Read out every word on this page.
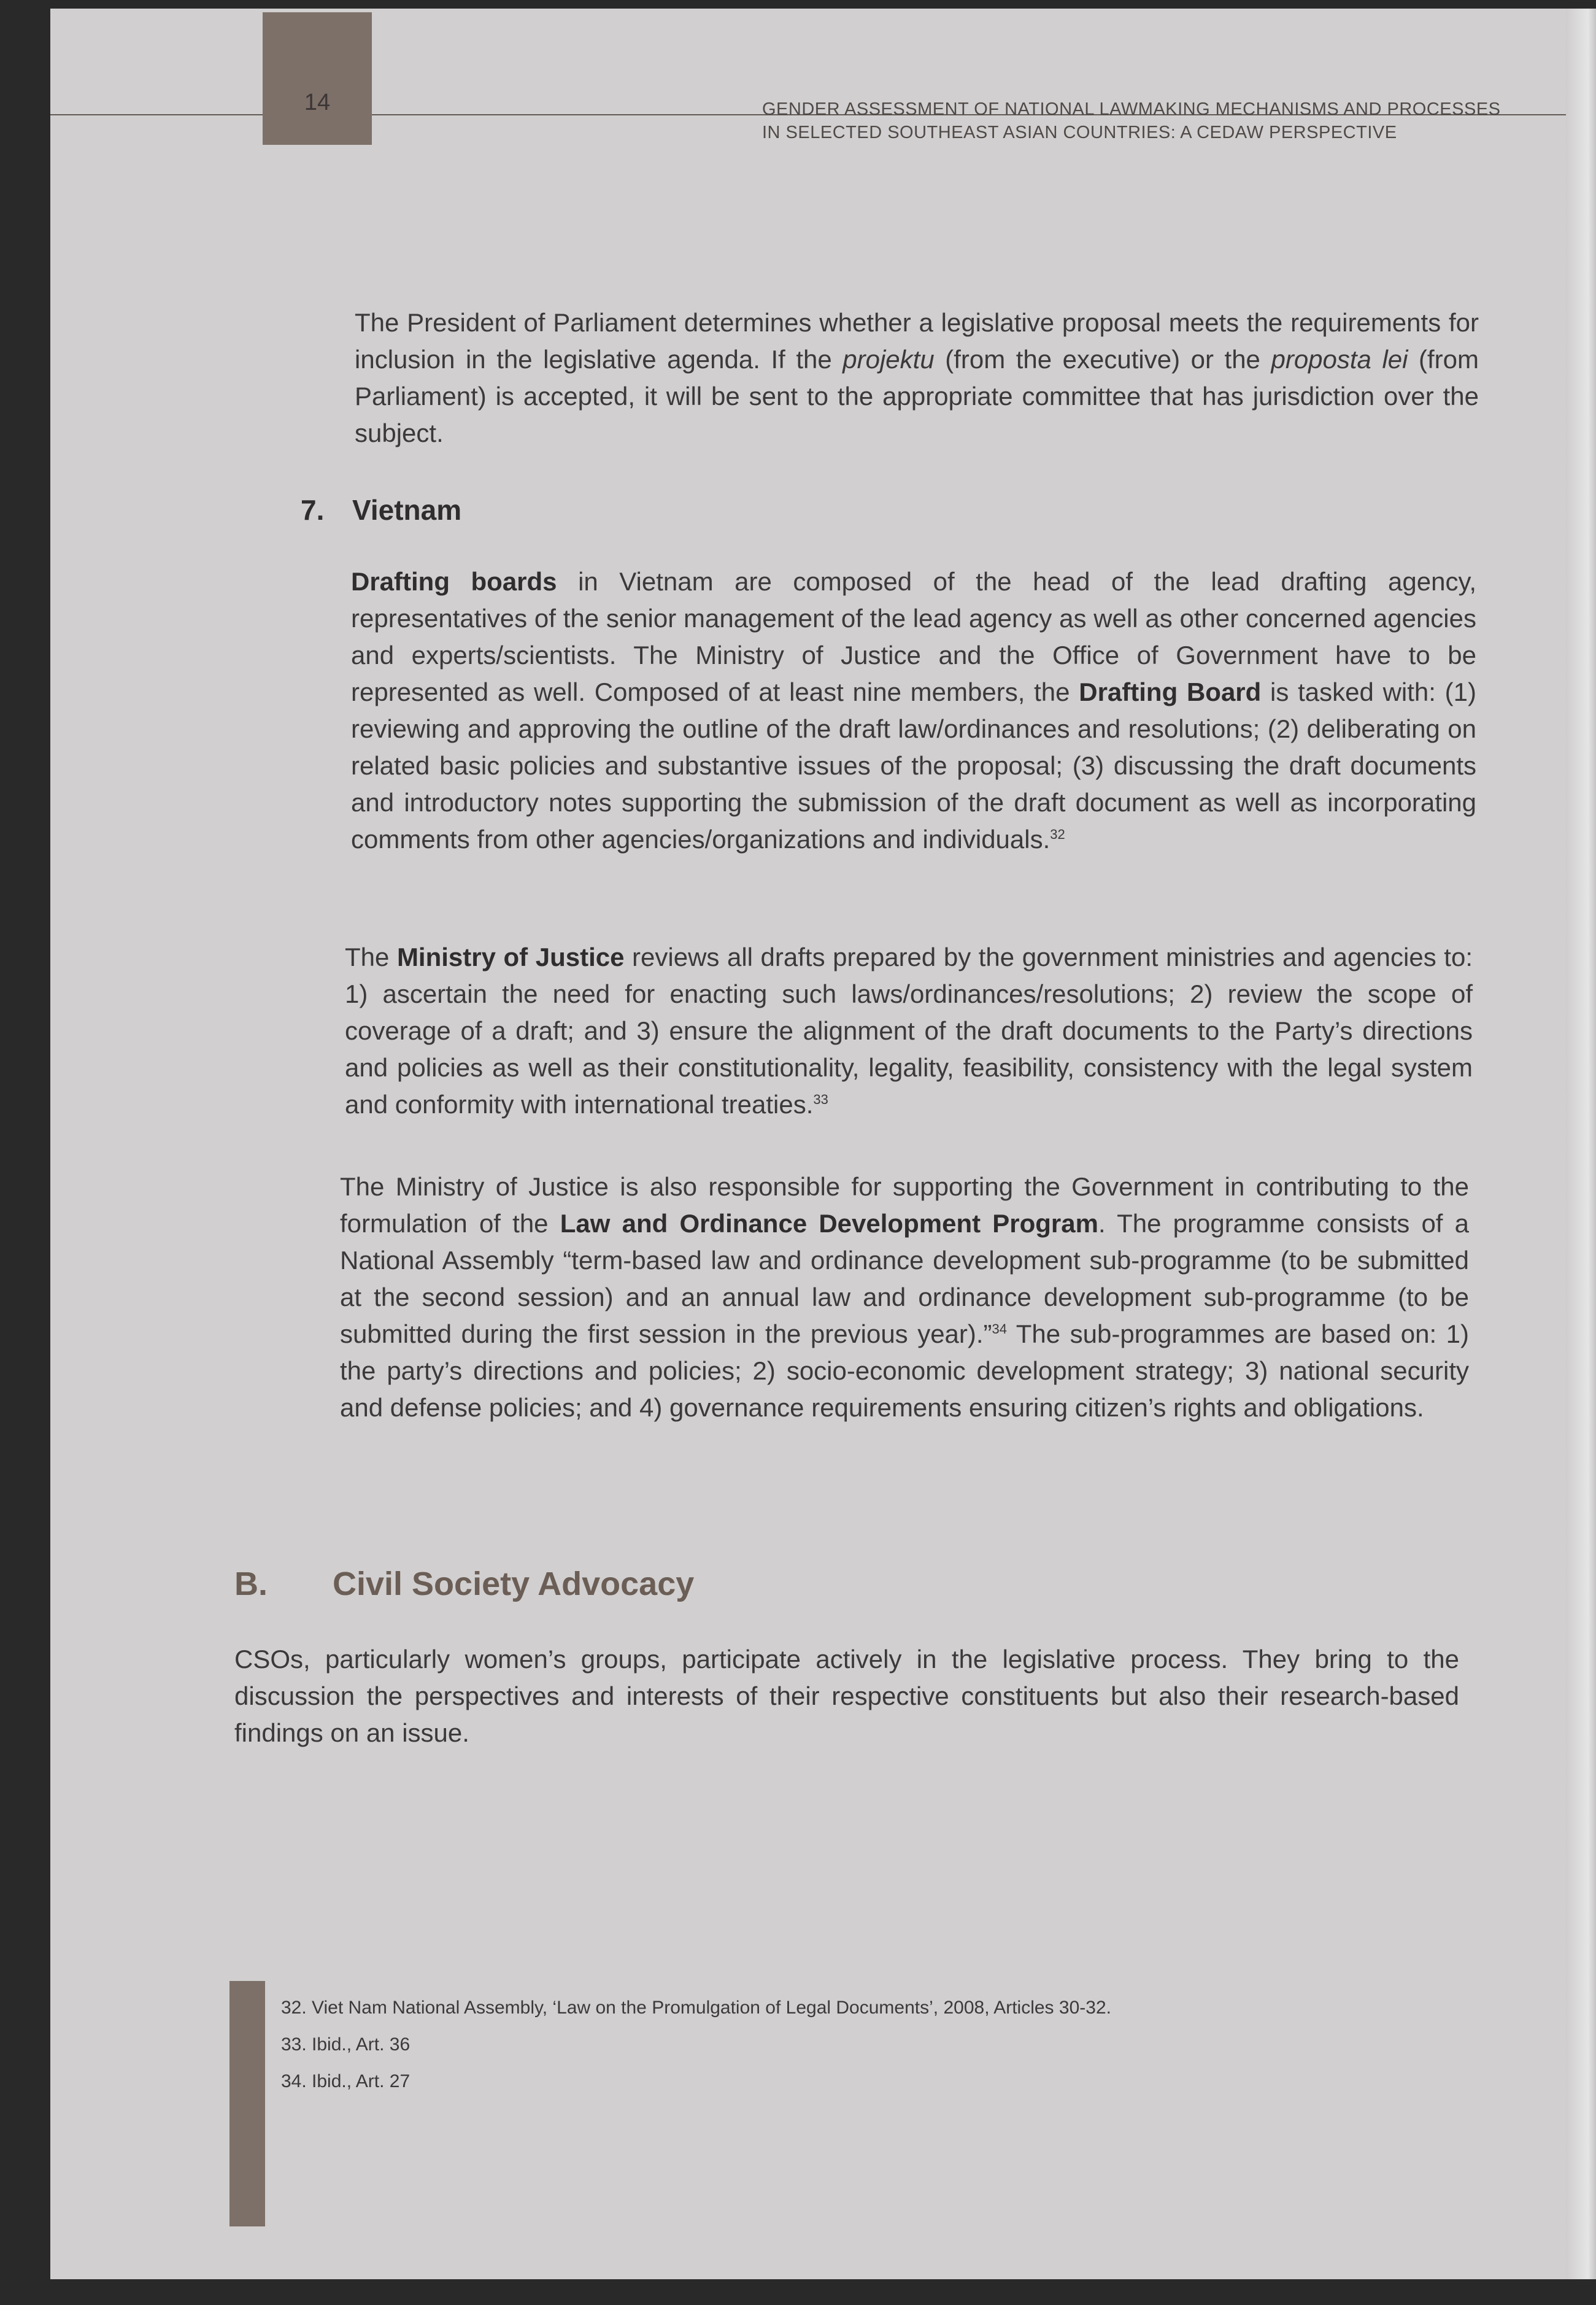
14	GENDER ASSESSMENT OF NATIONAL LAWMAKING MECHANISMS AND PROCESSES
IN SELECTED SOUTHEAST ASIAN COUNTRIES: A CEDAW PERSPECTIVE

The President of Parliament determines whether a legislative proposal meets the requirements for inclusion in the legislative agenda. If the projektu (from the executive) or the proposta lei (from Parliament) is accepted, it will be sent to the appropriate committee that has jurisdiction over the subject.

7. Vietnam

Drafting boards in Vietnam are composed of the head of the lead drafting agency, representatives of the senior management of the lead agency as well as other concerned agencies and experts/scientists. The Ministry of Justice and the Office of Government have to be represented as well. Composed of at least nine members, the Drafting Board is tasked with: (1) reviewing and approving the outline of the draft law/ordinances and resolutions; (2) deliberating on related basic policies and substantive issues of the proposal; (3) discussing the draft documents and introductory notes supporting the submission of the draft document as well as incorporating comments from other agencies/organizations and individuals.$^{32}$

The Ministry of Justice reviews all drafts prepared by the government ministries and agencies to: 1) ascertain the need for enacting such laws/ordinances/resolutions; 2) review the scope of coverage of a draft; and 3) ensure the alignment of the draft documents to the Party’s directions and policies as well as their constitutionality, legality, feasibility, consistency with the legal system and conformity with international treaties.$^{33}$

The Ministry of Justice is also responsible for supporting the Government in contributing to the formulation of the Law and Ordinance Development Program. The programme consists of a National Assembly “term-based law and ordinance development sub-programme (to be submitted at the second session) and an annual law and ordinance development sub-programme (to be submitted during the first session in the previous year).”$^{34}$ The sub-programmes are based on: 1) the party’s directions and policies; 2) socio-economic development strategy; 3) national security and defense policies; and 4) governance requirements ensuring citizen’s rights and obligations.

B. Civil Society Advocacy

CSOs, particularly women’s groups, participate actively in the legislative process. They bring to the discussion the perspectives and interests of their respective constituents but also their research-based findings on an issue.

32. Viet Nam National Assembly, ‘Law on the Promulgation of Legal Documents’, 2008, Articles 30-32.
33. Ibid., Art. 36
34. Ibid., Art. 27
